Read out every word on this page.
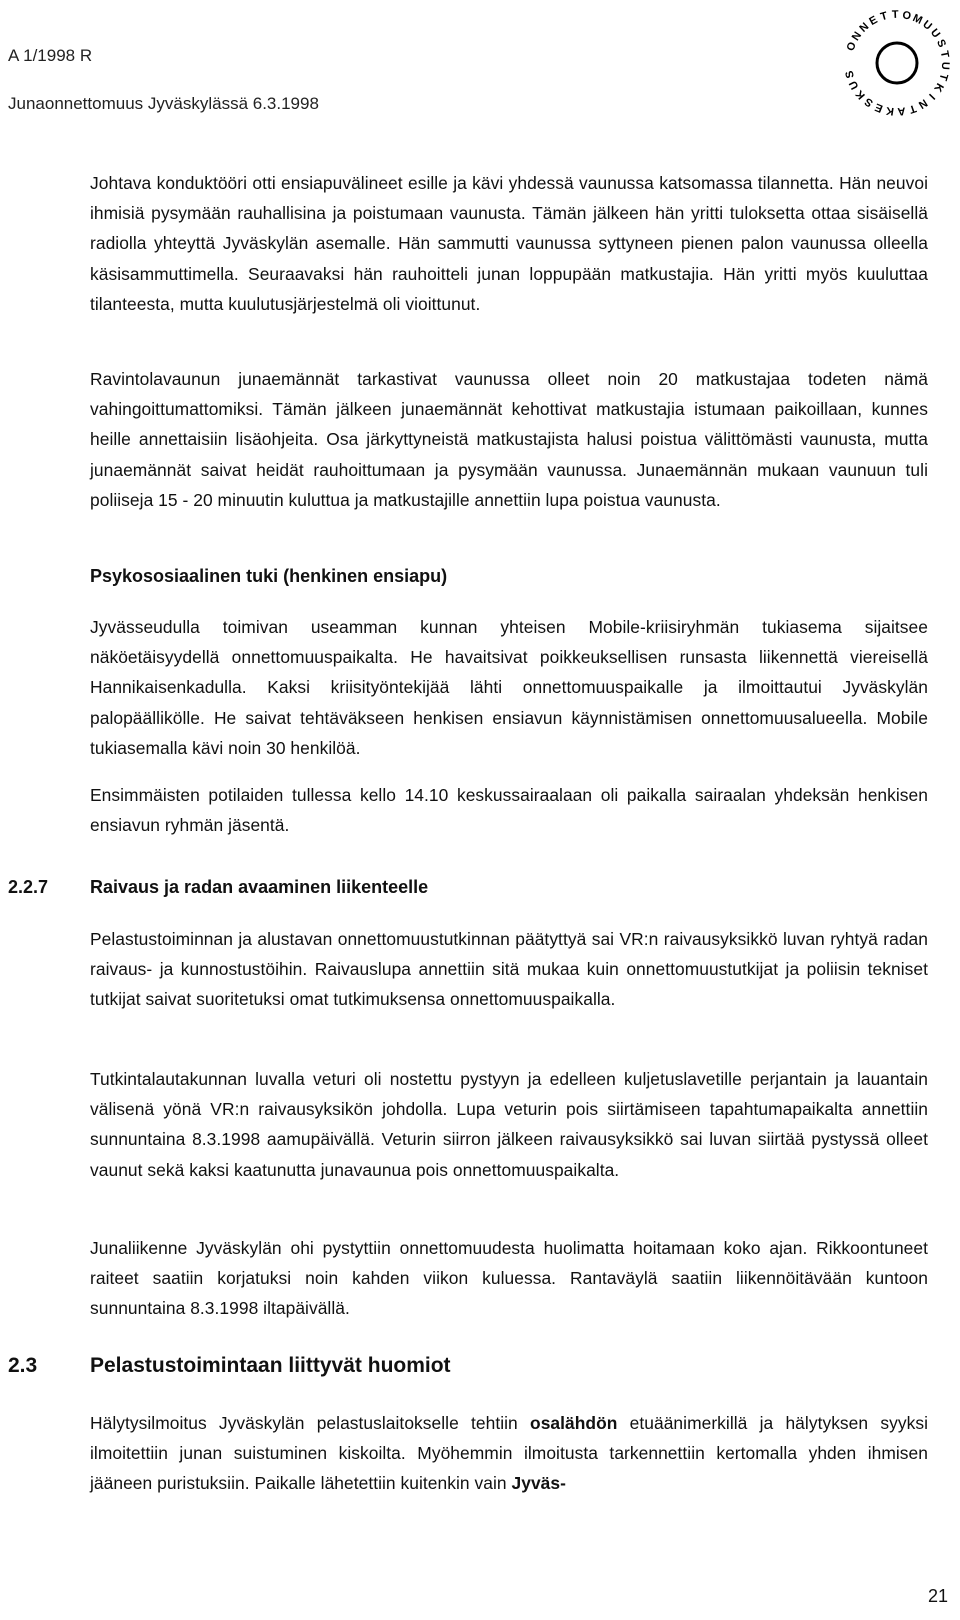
A 1/1998 R
Junaonnettomuus Jyväskylässä 6.3.1998
O
N
N
E T T O
M
U
U
S
T
U
T
K
I
N
T
A
K
E
S
K
U
S

Johtava konduktööri otti ensiapuvälineet esille ja kävi yhdessä vaunussa katsomassa tilannetta. Hän neuvoi ihmisiä pysymään rauhallisina ja poistumaan vaunusta. Tämän jälkeen hän yritti tuloksetta ottaa sisäisellä radiolla yhteyttä Jyväskylän asemalle. Hän sammutti vaunussa syttyneen pienen palon vaunussa olleella käsisammuttimella. Seuraavaksi hän rauhoitteli junan loppupään matkustajia. Hän yritti myös kuuluttaa tilanteesta, mutta kuulutusjärjestelmä oli vioittunut.

Ravintolavaunun junaemännät tarkastivat vaunussa olleet noin 20 matkustajaa todeten nämä vahingoittumattomiksi. Tämän jälkeen junaemännät kehottivat matkustajia istumaan paikoillaan, kunnes heille annettaisiin lisäohjeita. Osa järkyttyneistä matkustajista halusi poistua välittömästi vaunusta, mutta junaemännät saivat heidät rauhoittumaan ja pysymään vaunussa. Junaemännän mukaan vaunuun tuli poliiseja 15 - 20 minuutin kuluttua ja matkustajille annettiin lupa poistua vaunusta.

Psykososiaalinen tuki (henkinen ensiapu)

Jyvässeudulla toimivan useamman kunnan yhteisen Mobile-kriisiryhmän tukiasema sijaitsee näköetäisyydellä onnettomuuspaikalta. He havaitsivat poikkeuksellisen runsasta liikennettä viereisellä Hannikaisenkadulla. Kaksi kriisityöntekijää lähti onnettomuuspaikalle ja ilmoittautui Jyväskylän palopäällikölle. He saivat tehtäväkseen henkisen ensiavun käynnistämisen onnettomuusalueella. Mobile tukiasemalla kävi noin 30 henkilöä.

Ensimmäisten potilaiden tullessa kello 14.10 keskussairaalaan oli paikalla sairaalan yhdeksän henkisen ensiavun ryhmän jäsentä.

2.2.7 Raivaus ja radan avaaminen liikenteelle

Pelastustoiminnan ja alustavan onnettomuustutkinnan päätyttyä sai VR:n raivausyksikkö luvan ryhtyä radan raivaus- ja kunnostustöihin. Raivauslupa annettiin sitä mukaa kuin onnettomuustutkijat ja poliisin tekniset tutkijat saivat suoritetuksi omat tutkimuksensa onnettomuuspaikalla.

Tutkintalautakunnan luvalla veturi oli nostettu pystyyn ja edelleen kuljetuslavetille perjantain ja lauantain välisenä yönä VR:n raivausyksikön johdolla. Lupa veturin pois siirtämiseen tapahtumapaikalta annettiin sunnuntaina 8.3.1998 aamupäivällä. Veturin siirron jälkeen raivausyksikkö sai luvan siirtää pystyssä olleet vaunut sekä kaksi kaatunutta junavaunua pois onnettomuuspaikalta.

Junaliikenne Jyväskylän ohi pystyttiin onnettomuudesta huolimatta hoitamaan koko ajan. Rikkoontuneet raiteet saatiin korjatuksi noin kahden viikon kuluessa. Rantaväylä saatiin liikennöitävään kuntoon sunnuntaina 8.3.1998 iltapäivällä.

2.3	Pelastustoimintaan liittyvät huomiot

Hälytysilmoitus Jyväskylän pelastuslaitokselle tehtiin osalähdön etuäänimerkillä ja hälytyksen syyksi ilmoitettiin junan suistuminen kiskoilta. Myöhemmin ilmoitusta tarkennettiin kertomalla yhden ihmisen jääneen puristuksiin. Paikalle lähetettiin kuitenkin vain Jyväs-

21
